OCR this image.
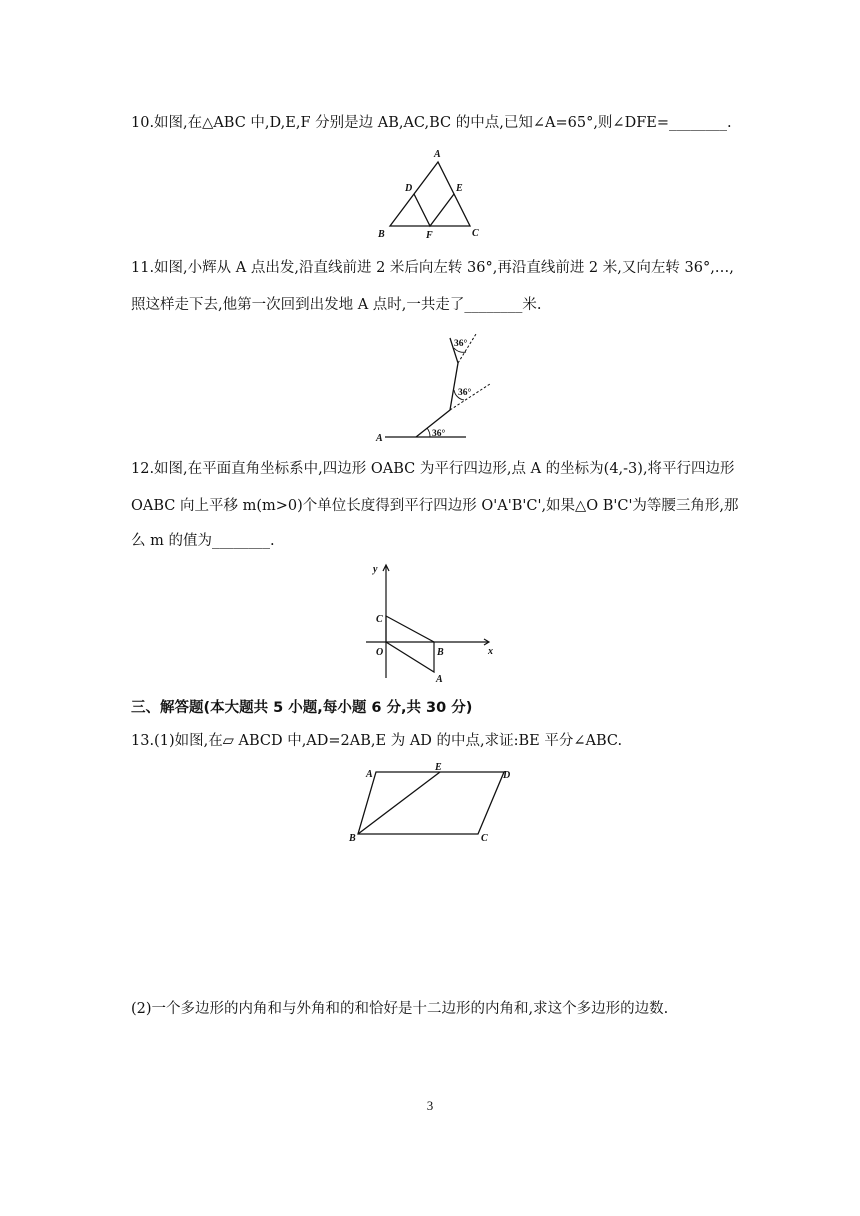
10.如图,在△ABC 中,D,E,F 分别是边 AB,AC,BC 的中点,已知∠A=65°,则∠DFE=________.
A
D	E
B	F	C
11.如图,小辉从 A 点出发,沿直线前进 2 米后向左转 36°,再沿直线前进 2 米,又向左转 36°,…,
照这样走下去,他第一次回到出发地 A 点时,一共走了________米.
A	36°
36°
36°
12.如图,在平面直角坐标系中,四边形 OABC 为平行四边形,点 A 的坐标为(4,-3),将平行四边形
OABC 向上平移 m(m>0)个单位长度得到平行四边形 O'A'B'C',如果△O B'C'为等腰三角形,那
么 m 的值为________.
y
x
O
C
B
A
三、解答题(本大题共 5 小题,每小题 6 分,共 30 分)
13.(1)如图,在▱ ABCD 中,AD=2AB,E 为 AD 的中点,求证:BE 平分∠ABC.
A
E
D
B	C
(2)一个多边形的内角和与外角和的和恰好是十二边形的内角和,求这个多边形的边数.
3
